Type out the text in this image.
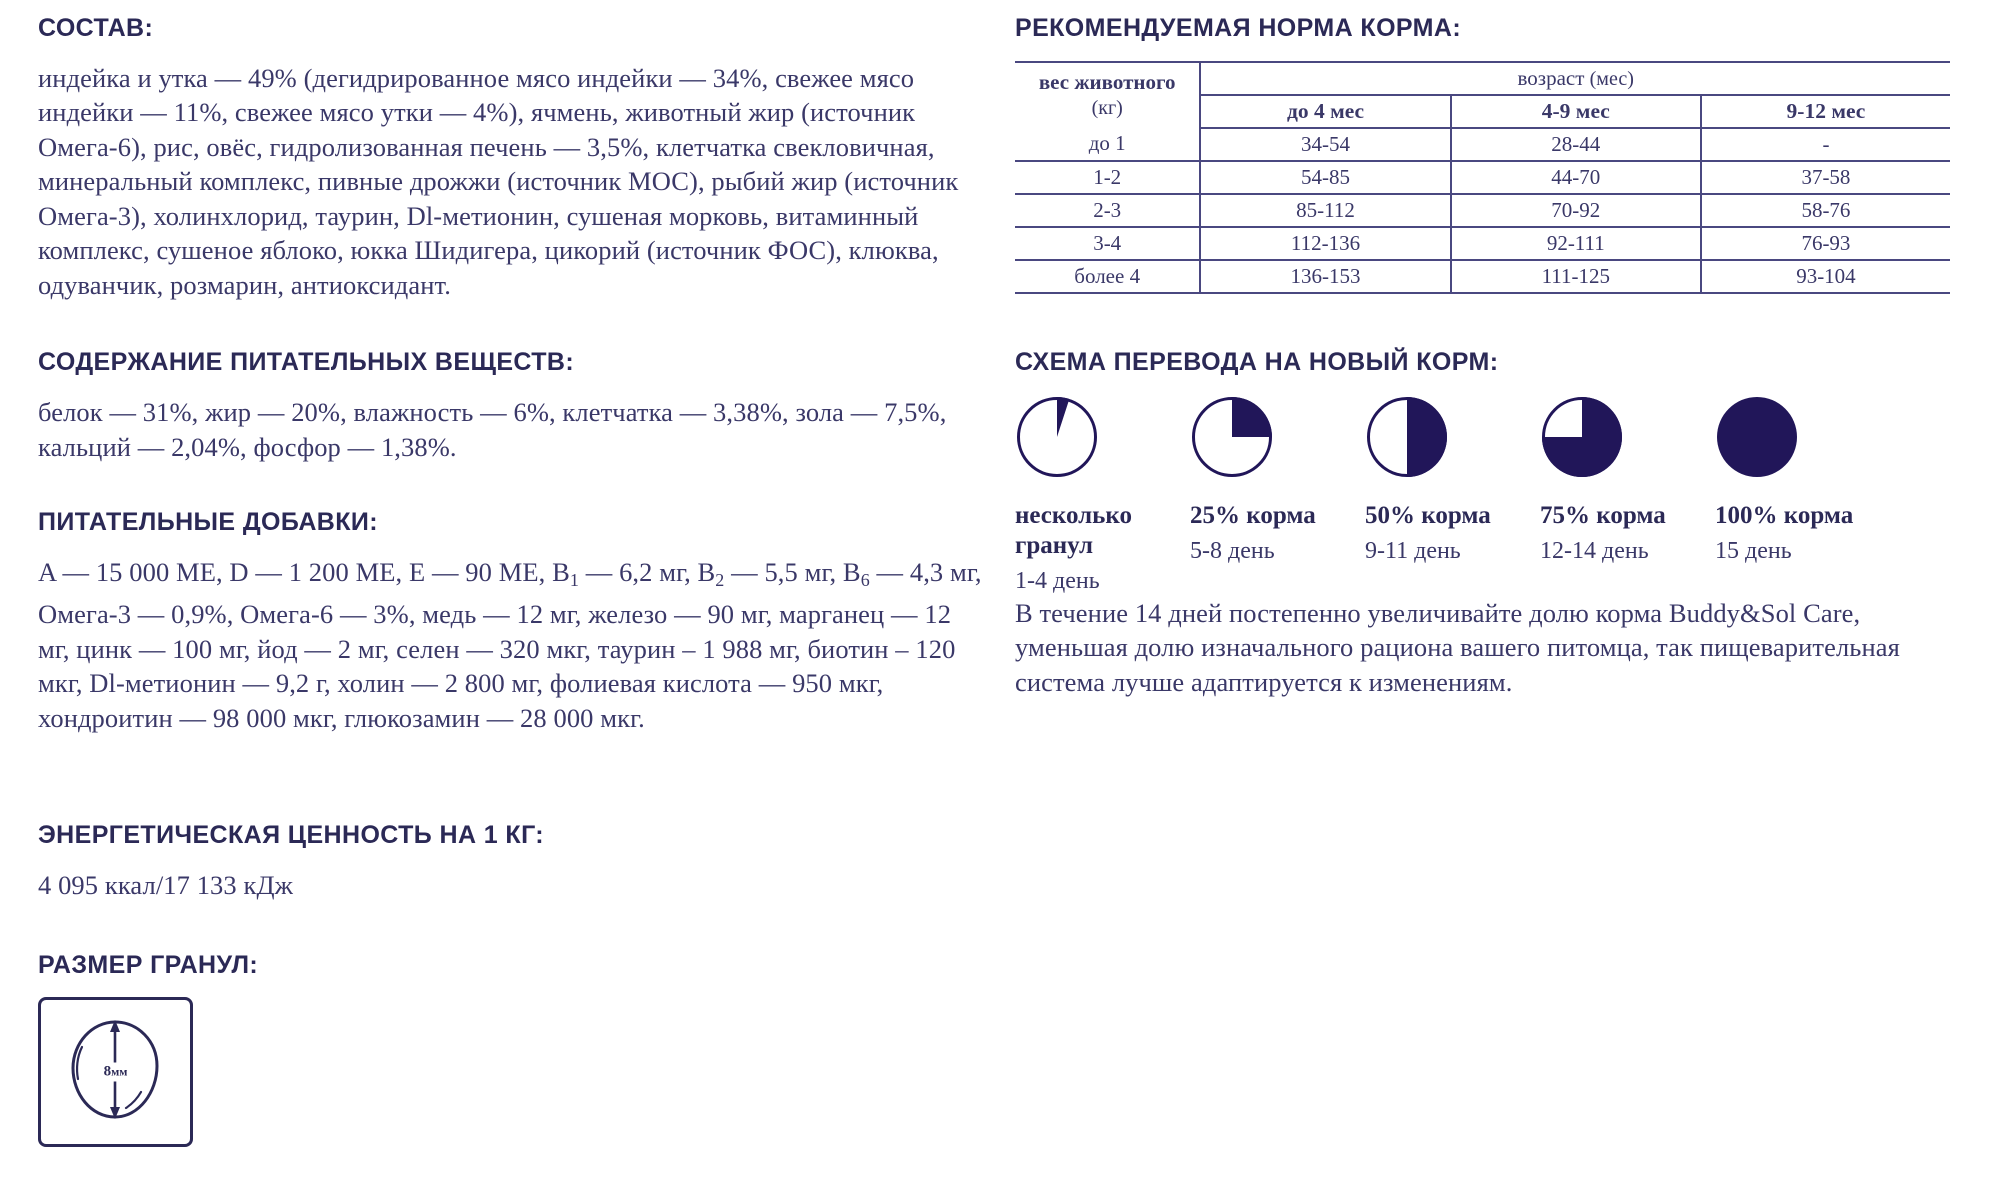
СОСТАВ:

индейка и утка — 49% (дегидрированное мясо индейки — 34%, свежее мясо индейки — 11%, свежее мясо утки — 4%), ячмень, животный жир (источник Омега-6), рис, овёс, гидролизованная печень — 3,5%, клетчатка свекловичная, минеральный комплекс, пивные дрожжи (источник МОС), рыбий жир (источник Омега-3), холинхлорид, таурин, Dl-метионин, сушеная морковь, витаминный комплекс, сушеное яблоко, юкка Шидигера, цикорий (источник ФОС), клюква, одуванчик, розмарин, антиоксидант.

СОДЕРЖАНИЕ ПИТАТЕЛЬНЫХ ВЕЩЕСТВ:

белок — 31%, жир — 20%, влажность — 6%, клетчатка — 3,38%, зола — 7,5%, кальций — 2,04%, фосфор — 1,38%.

ПИТАТЕЛЬНЫЕ ДОБАВКИ:

A — 15 000 МЕ, D — 1 200 МЕ, E — 90 МЕ, $B_1$ — 6,2 мг, $B_2$ — 5,5 мг, $B_6$ — 4,3 мг, Омега-3 — 0,9%, Омега-6 — 3%, медь — 12 мг, железо — 90 мг, марганец — 12 мг, цинк — 100 мг, йод — 2 мг, селен — 320 мкг, таурин – 1 988 мг, биотин – 120 мкг, Dl-метионин — 9,2 г, холин — 2 800 мг, фолиевая кислота — 950 мкг, хондроитин — 98 000 мкг, глюкозамин — 28 000 мкг.

ЭНЕРГЕТИЧЕСКАЯ ЦЕННОСТЬ НА 1 КГ:

4 095 ккал/17 133 кДж

РАЗМЕР ГРАНУЛ:
8мм
РЕКОМЕНДУЕМАЯ НОРМА КОРМА:
вес животного
(кг)	возраст (мес)		
	до 4 мес	4-9 мес	9-12 мес
до 1	34-54	28-44	-
1-2	54-85	44-70	37-58
2-3	85-112	70-92	58-76
3-4	112-136	92-111	76-93
более 4	136-153	111-125	93-104
СХЕМА ПЕРЕВОДА НА НОВЫЙ КОРМ:

несколько гранул

1-4 день

25% корма

5-8 день

50% корма

9-11 день

75% корма

12-14 день

100% корма

15 день

В течение 14 дней постепенно увеличивайте долю корма Buddy&Sol Care, уменьшая долю изначального рациона вашего питомца, так пищеварительная система лучше адаптируется к изменениям.
